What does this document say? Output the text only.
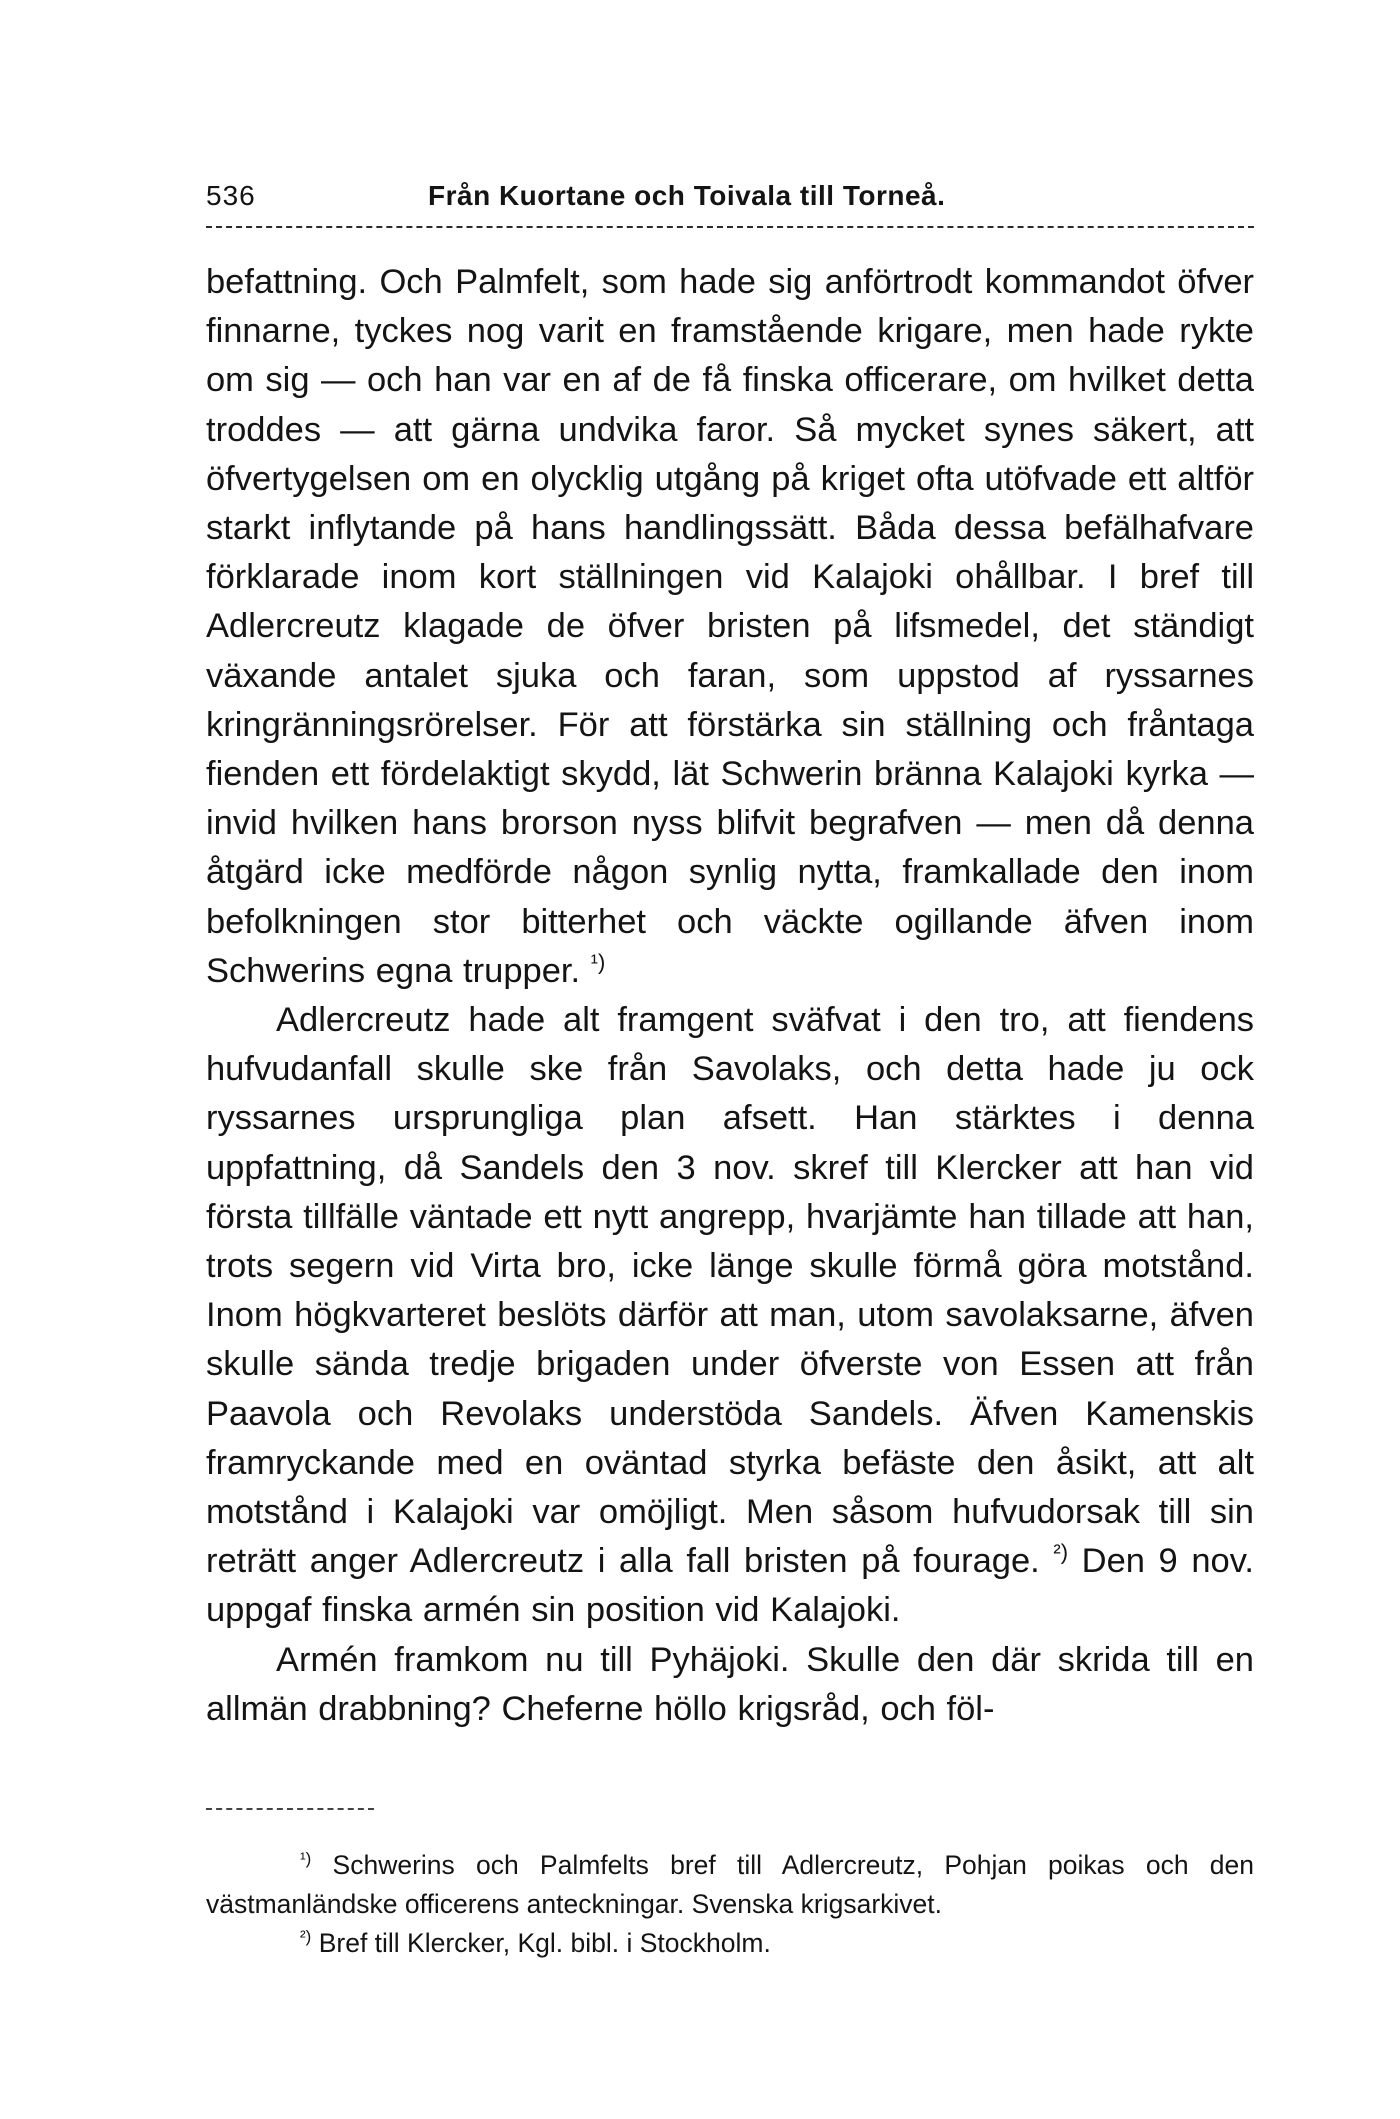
536	Från Kuortane och Toivala till Torneå.

befattning. Och Palmfelt, som hade sig anförtrodt kommandot öfver finnarne, tyckes nog varit en framstående krigare, men hade rykte om sig — och han var en af de få finska officerare, om hvilket detta troddes — att gärna undvika faror. Så mycket synes säkert, att öfvertygelsen om en olycklig utgång på kriget ofta utöfvade ett altför starkt inflytande på hans handlingssätt. Båda dessa befälhafvare förklarade inom kort ställningen vid Kalajoki ohållbar. I bref till Adlercreutz klagade de öfver bristen på lifsmedel, det ständigt växande antalet sjuka och faran, som uppstod af ryssarnes kringränningsrörelser. För att förstärka sin ställning och fråntaga fienden ett fördelaktigt skydd, lät Schwerin bränna Kalajoki kyrka — invid hvilken hans brorson nyss blifvit begrafven — men då denna åtgärd icke medförde någon synlig nytta, framkallade den inom befolkningen stor bitterhet och väckte ogillande äfven inom Schwerins egna trupper. $^{^1)}$

Adlercreutz hade alt framgent sväfvat i den tro, att fiendens hufvudanfall skulle ske från Savolaks, och detta hade ju ock ryssarnes ursprungliga plan afsett. Han stärktes i denna uppfattning, då Sandels den 3 nov. skref till Klercker att han vid första tillfälle väntade ett nytt angrepp, hvarjämte han tillade att han, trots segern vid Virta bro, icke länge skulle förmå göra motstånd. Inom högkvarteret beslöts därför att man, utom savolaksarne, äfven skulle sända tredje brigaden under öfverste von Essen att från Paavola och Revolaks understöda Sandels. Äfven Kamenskis framryckande med en oväntad styrka befäste den åsikt, att alt motstånd i Kalajoki var omöjligt. Men såsom hufvudorsak till sin reträtt anger Adlercreutz i alla fall bristen på fourage. $^{^2)}$ Den 9 nov. uppgaf finska armén sin position vid Kalajoki.

Armén framkom nu till Pyhäjoki. Skulle den där skrida till en allmän drabbning? Cheferne höllo krigsråd, och föl-

$^{^1)}$ Schwerins och Palmfelts bref till Adlercreutz, Pohjan poikas och den västmanländske officerens anteckningar. Svenska krigsarkivet.

$^{^2)}$ Bref till Klercker, Kgl. bibl. i Stockholm.
